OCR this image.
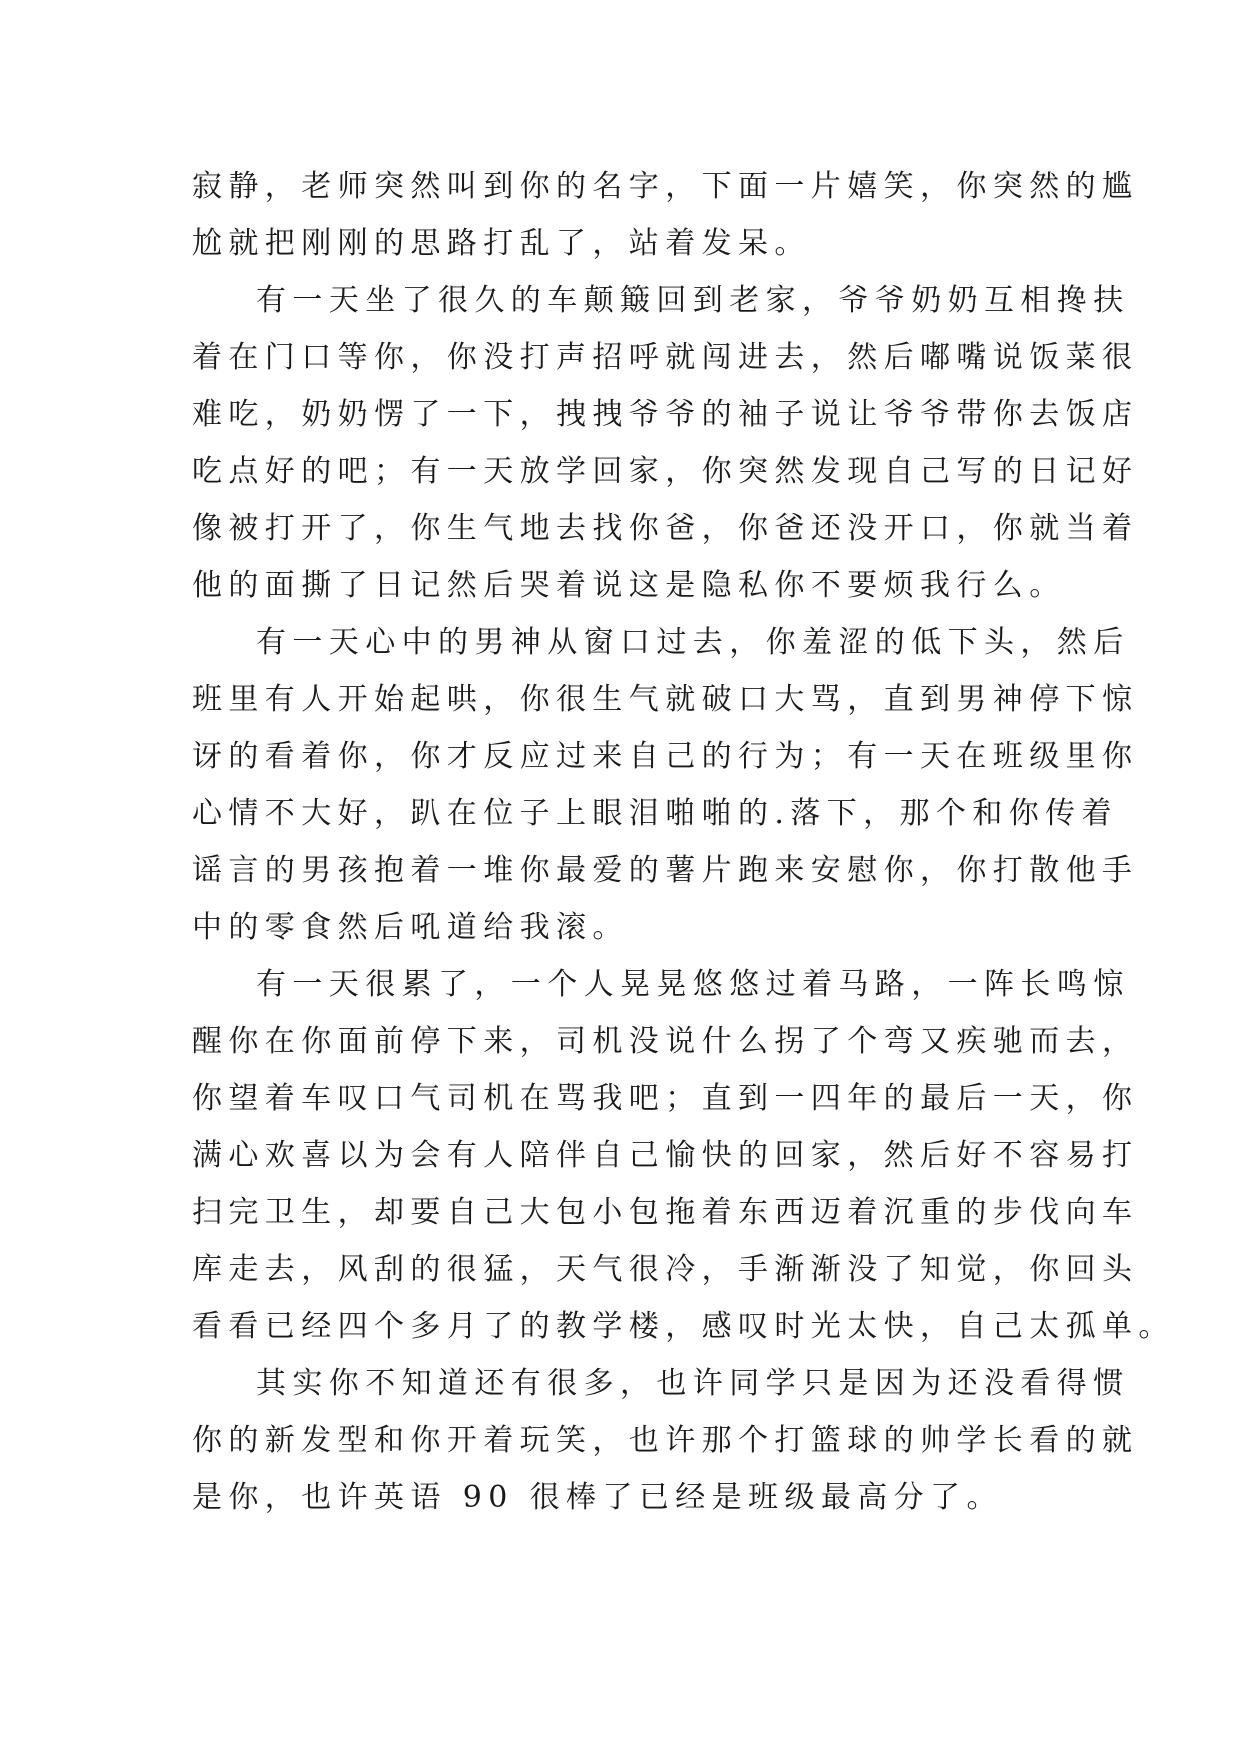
寂静，老师突然叫到你的名字，下面一片嬉笑，你突然的尴
尬就把刚刚的思路打乱了，站着发呆。
有一天坐了很久的车颠簸回到老家，爷爷奶奶互相搀扶
着在门口等你，你没打声招呼就闯进去，然后嘟嘴说饭菜很
难吃，奶奶愣了一下，拽拽爷爷的袖子说让爷爷带你去饭店
吃点好的吧；有一天放学回家，你突然发现自己写的日记好
像被打开了，你生气地去找你爸，你爸还没开口，你就当着
他的面撕了日记然后哭着说这是隐私你不要烦我行么。
有一天心中的男神从窗口过去，你羞涩的低下头，然后
班里有人开始起哄，你很生气就破口大骂，直到男神停下惊
讶的看着你，你才反应过来自己的行为；有一天在班级里你
心情不大好，趴在位子上眼泪啪啪的.落下，那个和你传着
谣言的男孩抱着一堆你最爱的薯片跑来安慰你，你打散他手
中的零食然后吼道给我滚。
有一天很累了，一个人晃晃悠悠过着马路，一阵长鸣惊
醒你在你面前停下来，司机没说什么拐了个弯又疾驰而去，
你望着车叹口气司机在骂我吧；直到一四年的最后一天，你
满心欢喜以为会有人陪伴自己愉快的回家，然后好不容易打
扫完卫生，却要自己大包小包拖着东西迈着沉重的步伐向车
库走去，风刮的很猛，天气很冷，手渐渐没了知觉，你回头
看看已经四个多月了的教学楼，感叹时光太快，自己太孤单。
其实你不知道还有很多，也许同学只是因为还没看得惯
你的新发型和你开着玩笑，也许那个打篮球的帅学长看的就
是你，也许英语 90 很棒了已经是班级最高分了。
